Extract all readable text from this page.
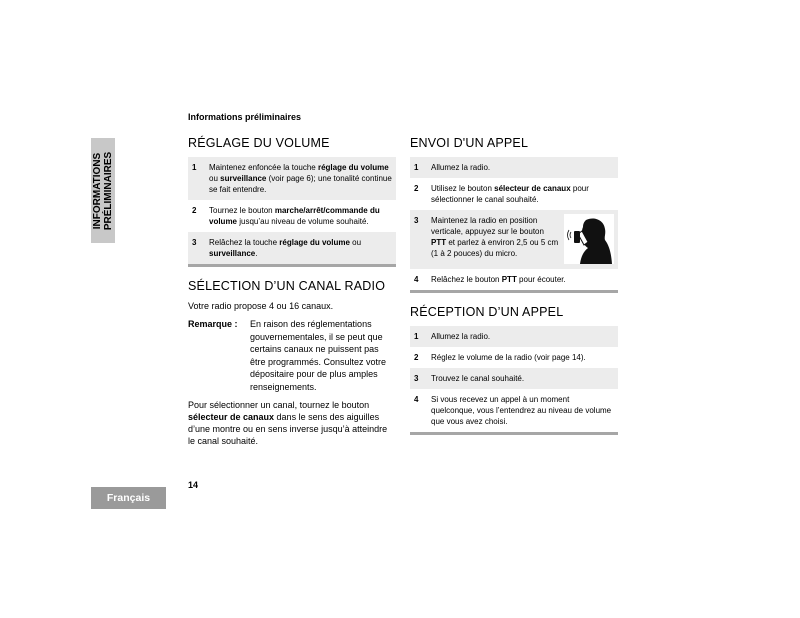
INFORMATIONS PRÉLIMINAIRES
Français
Informations préliminaires
14
RÉGLAGE DU VOLUME
1	Maintenez enfoncée la touche réglage du volume ou surveillance (voir page 6); une tonalité continue se fait entendre.
2	Tournez le bouton marche/arrêt/commande du volume jusqu’au niveau de volume souhaité.
3	Relâchez la touche réglage du volume ou surveillance.
SÉLECTION D’UN CANAL RADIO

Votre radio propose 4 ou 16 canaux.

Remarque :	En raison des réglementations gouvernementales, il se peut que certains canaux ne puissent pas être programmés. Consultez votre dépositaire pour de plus amples renseignements.

Pour sélectionner un canal, tournez le bouton sélecteur de canaux dans le sens des aiguilles d’une montre ou en sens inverse jusqu’à atteindre le canal souhaité.

ENVOI D'UN APPEL
1	Allumez la radio.
2	Utilisez le bouton sélecteur de canaux pour sélectionner le canal souhaité.
3	Maintenez la radio en position verticale, appuyez sur le bouton PTT et parlez à environ 2,5 ou 5 cm (1 à 2 pouces) du micro.
4	Relâchez le bouton PTT pour écouter.
RÉCEPTION D’UN APPEL
1	Allumez la radio.
2	Réglez le volume de la radio (voir page 14).
3	Trouvez le canal souhaité.
4	Si vous recevez un appel à un moment quelconque, vous l’entendrez au niveau de volume que vous avez choisi.
